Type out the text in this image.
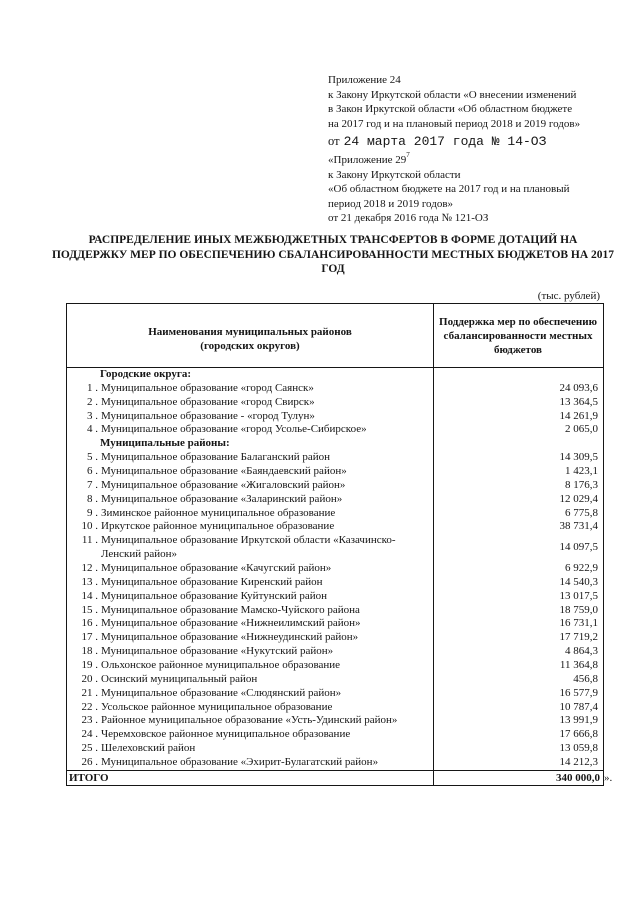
Приложение 24
к Закону Иркутской области «О внесении изменений
в Закон Иркутской области «Об областном бюджете
на 2017 год и на плановый период 2018 и 2019 годов»
от 24 марта 2017 года № 14-ОЗ
«Приложение $29^7$
к Закону Иркутской области
«Об областном бюджете на 2017 год и на плановый
период 2018 и 2019 годов»
от 21 декабря 2016 года № 121-ОЗ
РАСПРЕДЕЛЕНИЕ ИНЫХ МЕЖБЮДЖЕТНЫХ ТРАНСФЕРТОВ В ФОРМЕ ДОТАЦИЙ НА
ПОДДЕРЖКУ МЕР ПО ОБЕСПЕЧЕНИЮ СБАЛАНСИРОВАННОСТИ МЕСТНЫХ БЮДЖЕТОВ НА 2017
ГОД
(тыс. рублей)
Наименования муниципальных районов
(городских округов)
Поддержка мер по обеспечению
сбалансированности местных
бюджетов
Городские округа:
1 . Муниципальное образование «город Саянск»	24 093,6
2 . Муниципальное образование «город Свирск»	13 364,5
3 . Муниципальное образование - «город Тулун»	14 261,9
4 . Муниципальное образование «город Усолье-Сибирское»	2 065,0
Муниципальные районы:
5 . Муниципальное образование Балаганский район	14 309,5
6 . Муниципальное образование «Баяндаевский район»	1 423,1
7 . Муниципальное образование «Жигаловский район»	8 176,3
8 . Муниципальное образование «Заларинский район»	12 029,4
9 . Зиминское районное муниципальное образование	6 775,8
10 . Иркутское районное муниципальное образование	38 731,4
11 . Муниципальное образование Иркутской области «Казачинско-Ленский район»
14 097,5
12 . Муниципальное образование «Качугский район»	6 922,9
13 . Муниципальное образование Киренский район	14 540,3
14 . Муниципальное образование Куйтунский район	13 017,5
15 . Муниципальное образование Мамско-Чуйского района	18 759,0
16 . Муниципальное образование «Нижнеилимский район»	16 731,1
17 . Муниципальное образование «Нижнеудинский район»	17 719,2
18 . Муниципальное образование «Нукутский район»	4 864,3
19 . Ольхонское районное муниципальное образование	11 364,8
20 . Осинский муниципальный район	456,8
21 . Муниципальное образование «Слюдянский район»	16 577,9
22 . Усольское районное муниципальное образование	10 787,4
23 . Районное муниципальное образование «Усть-Удинский район»	13 991,9
24 . Черемховское районное муниципальное образование	17 666,8
25 . Шелеховский район	13 059,8
26 . Муниципальное образование «Эхирит-Булагатский район»	14 212,3
ИТОГО	340 000,0 ».
